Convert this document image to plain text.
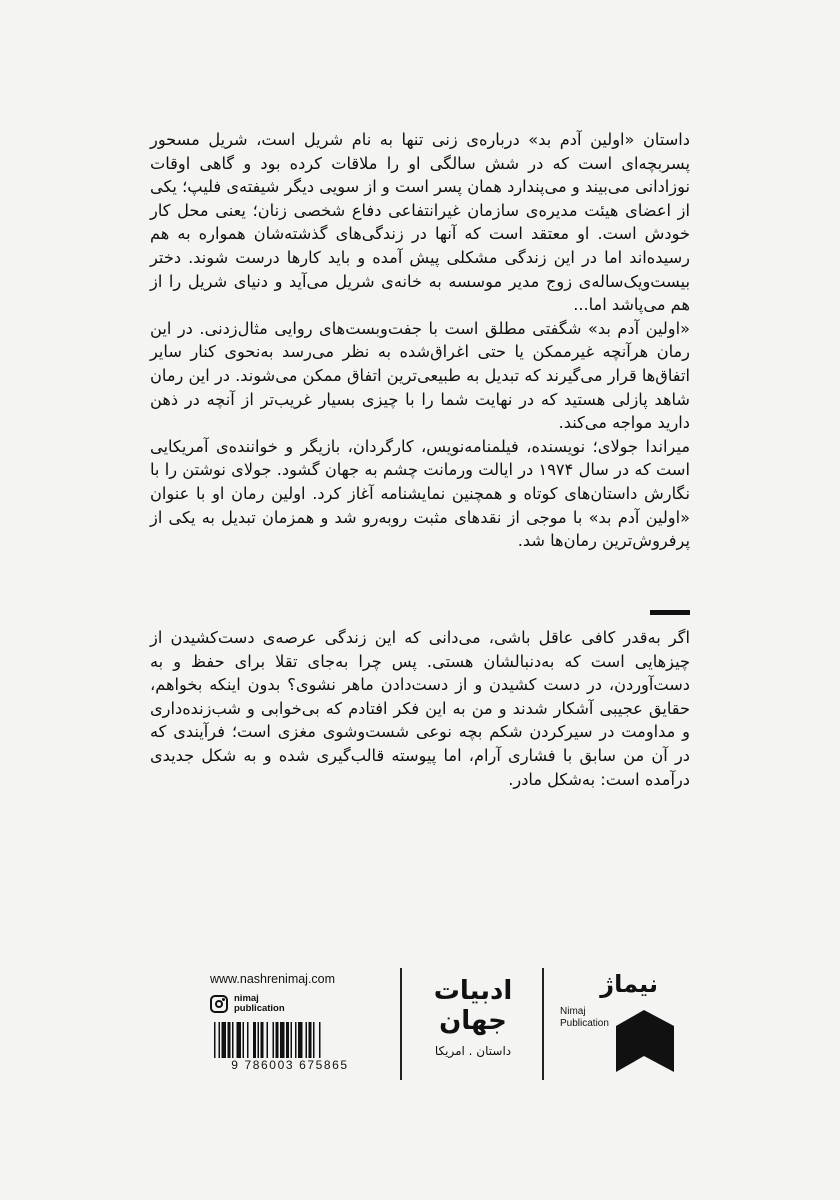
داستان «اولین آدم بد» درباره‌ی زنی تنها به نام شریل است، شریل مسحور پسربچه‌ای است که در شش سالگی او را ملاقات کرده بود و گاهی اوقات نوزادانی می‌بیند و می‌پندارد همان پسر است و از سویی دیگر شیفته‌ی فلیپ؛ یکی از اعضای هیئت مدیره‌ی سازمان غیرانتفاعی دفاع شخصی زنان؛ یعنی محل کار خودش است. او معتقد است که آنها در زندگی‌های گذشته‌شان همواره به هم رسیده‌اند اما در این زندگی مشکلی پیش آمده و باید کارها درست شوند. دختر بیست‌ویک‌ساله‌ی زوج مدیر موسسه به خانه‌ی شریل می‌آید و دنیای شریل را از هم می‌پاشد اما...

«اولین آدم بد» شگفتی مطلق است با جفت‌وبست‌های روایی مثال‌زدنی. در این رمان هرآنچه غیرممکن یا حتی اغراق‌شده به نظر می‌رسد به‌نحوی کنار سایر اتفاق‌ها قرار می‌گیرند که تبدیل به طبیعی‌ترین اتفاق ممکن می‌شوند. در این رمان شاهد پازلی هستید که در نهایت شما را با چیزی بسیار غریب‌تر از آنچه در ذهن دارید مواجه می‌کند.

میراندا جولای؛ نویسنده، فیلمنامه‌نویس، کارگردان، بازیگر و خواننده‌ی آمریکایی است که در سال ۱۹۷۴ در ایالت ورمانت چشم به جهان گشود. جولای نوشتن را با نگارش داستان‌های کوتاه و همچنین نمایشنامه آغاز کرد. اولین رمان او با عنوان «اولین آدم بد» با موجی از نقدهای مثبت روبه‌رو شد و همزمان تبدیل به یکی از پرفروش‌ترین رمان‌ها شد.

اگر به‌قدر کافی عاقل باشی، می‌دانی که این زندگی عرصه‌ی دست‌کشیدن از چیزهایی است که به‌دنبالشان هستی. پس چرا به‌جای تقلا برای حفظ و به دست‌آوردن، در دست کشیدن و از دست‌دادن ماهر نشوی؟ بدون اینکه بخواهم، حقایق عجیبی آشکار شدند و من به این فکر افتادم که بی‌خوابی و شب‌زنده‌داری و مداومت در سیرکردن شکم بچه نوعی شست‌وشوی مغزی است؛ فرآیندی که در آن من سابق با فشاری آرام، اما پیوسته قالب‌گیری شده و به شکل جدیدی درآمده است: به‌شکل مادر.

www.nashrenimaj.com
nimaj
publication
9 786003 675865
ادبیات
جهان
داستان . امریکا
نیماژ
Nimaj
Publication
